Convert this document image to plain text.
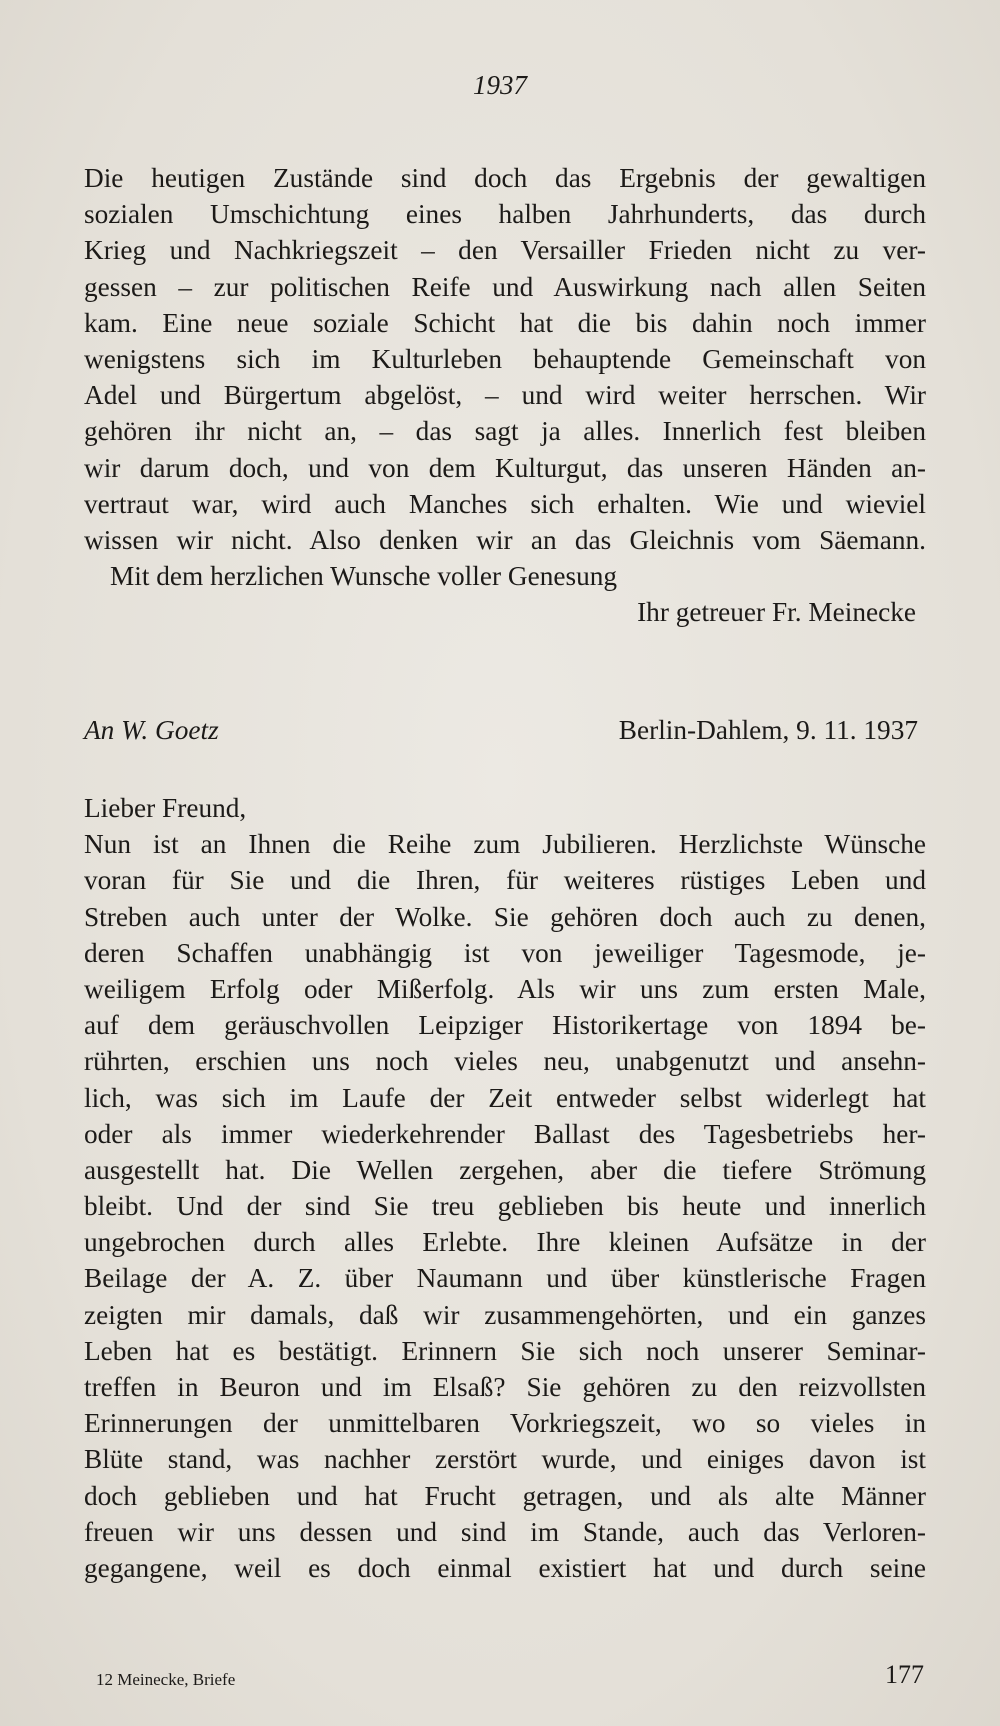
1937
Die heutigen Zustände sind doch das Ergebnis der gewaltigen
sozialen Umschichtung eines halben Jahrhunderts, das durch
Krieg und Nachkriegszeit – den Versailler Frieden nicht zu ver-
gessen – zur politischen Reife und Auswirkung nach allen Seiten
kam. Eine neue soziale Schicht hat die bis dahin noch immer
wenigstens sich im Kulturleben behauptende Gemeinschaft von
Adel und Bürgertum abgelöst, – und wird weiter herrschen. Wir
gehören ihr nicht an, – das sagt ja alles. Innerlich fest bleiben
wir darum doch, und von dem Kulturgut, das unseren Händen an-
vertraut war, wird auch Manches sich erhalten. Wie und wieviel
wissen wir nicht. Also denken wir an das Gleichnis vom Säemann.
Mit dem herzlichen Wunsche voller Genesung
Ihr getreuer Fr. Meinecke
An W. Goetz	Berlin-Dahlem, 9. 11. 1937
Lieber Freund,
Nun ist an Ihnen die Reihe zum Jubilieren. Herzlichste Wünsche
voran für Sie und die Ihren, für weiteres rüstiges Leben und
Streben auch unter der Wolke. Sie gehören doch auch zu denen,
deren Schaffen unabhängig ist von jeweiliger Tagesmode, je-
weiligem Erfolg oder Mißerfolg. Als wir uns zum ersten Male,
auf dem geräuschvollen Leipziger Historikertage von 1894 be-
rührten, erschien uns noch vieles neu, unabgenutzt und ansehn-
lich, was sich im Laufe der Zeit entweder selbst widerlegt hat
oder als immer wiederkehrender Ballast des Tagesbetriebs her-
ausgestellt hat. Die Wellen zergehen, aber die tiefere Strömung
bleibt. Und der sind Sie treu geblieben bis heute und innerlich
ungebrochen durch alles Erlebte. Ihre kleinen Aufsätze in der
Beilage der A. Z. über Naumann und über künstlerische Fragen
zeigten mir damals, daß wir zusammengehörten, und ein ganzes
Leben hat es bestätigt. Erinnern Sie sich noch unserer Seminar-
treffen in Beuron und im Elsaß? Sie gehören zu den reizvollsten
Erinnerungen der unmittelbaren Vorkriegszeit, wo so vieles in
Blüte stand, was nachher zerstört wurde, und einiges davon ist
doch geblieben und hat Frucht getragen, und als alte Männer
freuen wir uns dessen und sind im Stande, auch das Verloren-
gegangene, weil es doch einmal existiert hat und durch seine
12 Meinecke, Briefe	177
